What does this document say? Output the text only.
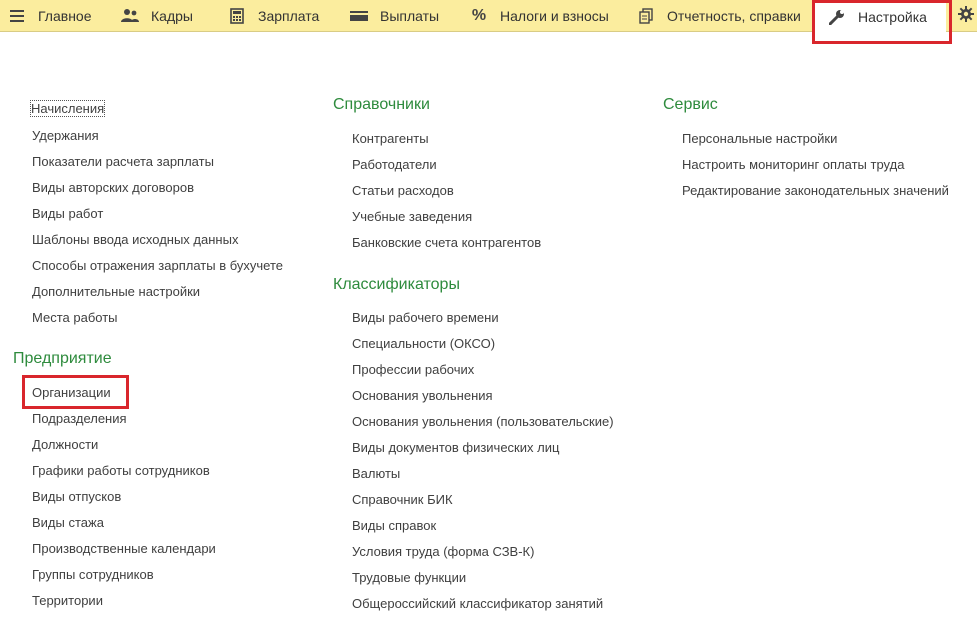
Главное	Кадры	Зарплата	Выплаты % Налоги и взносы	Отчетность, справки	Настройка
Начисления
Удержания
Показатели расчета зарплаты
Виды авторских договоров
Виды работ
Шаблоны ввода исходных данных
Способы отражения зарплаты в бухучете
Дополнительные настройки
Места работы
Предприятие
Организации
Подразделения
Должности
Графики работы сотрудников
Виды отпусков
Виды стажа
Производственные календари
Группы сотрудников
Территории
Справочники
Контрагенты
Работодатели
Статьи расходов
Учебные заведения
Банковские счета контрагентов
Классификаторы
Виды рабочего времени
Специальности (ОКСО)
Профессии рабочих
Основания увольнения
Основания увольнения (пользовательские)
Виды документов физических лиц
Валюты
Справочник БИК
Виды справок
Условия труда (форма СЗВ-К)
Трудовые функции
Общероссийский классификатор занятий
Сервис
Персональные настройки
Настроить мониторинг оплаты труда
Редактирование законодательных значений
